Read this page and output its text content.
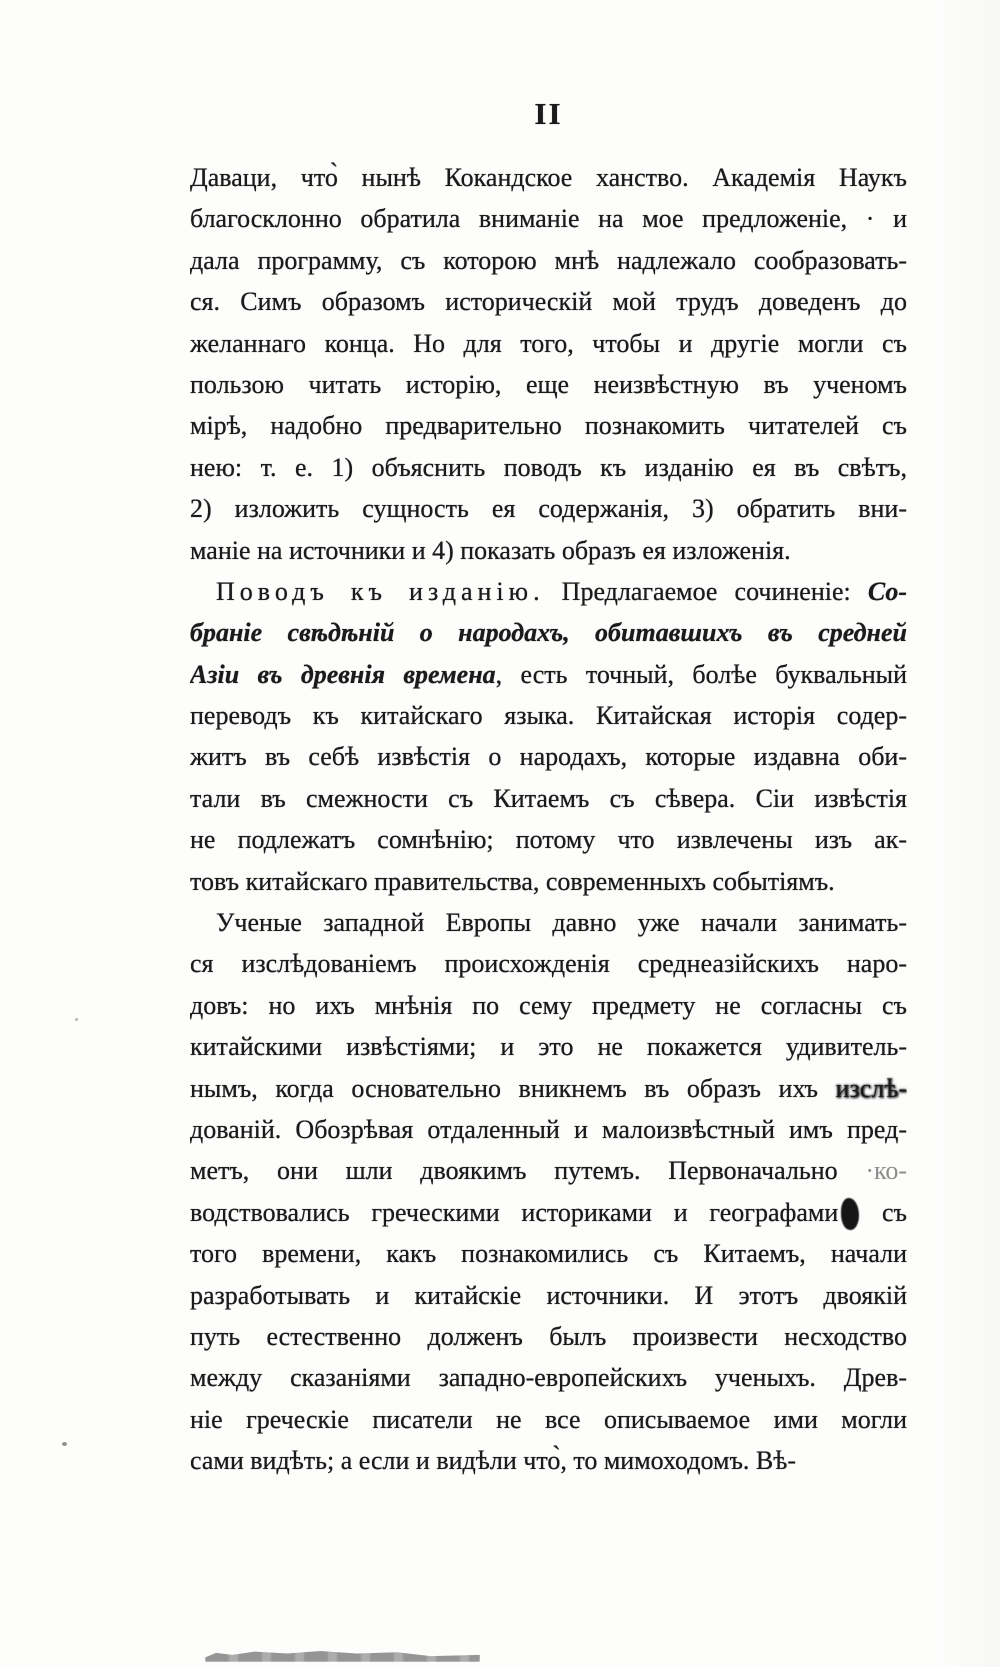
II
Даваци, что̀ нынѣ Кокандское ханство. Академія Наукъ
благосклонно обратила вниманіе на мое предложеніе, · и
дала программу, съ которою мнѣ надлежало сообразовать-
ся. Симъ образомъ историческій мой трудъ доведенъ до
желаннаго конца. Но для того, чтобы и другіе могли съ
пользою читать исторію, еще неизвѣстную въ ученомъ
мірѣ, надобно предварительно познакомить читателей съ
нею: т. е. 1) объяснить поводъ къ изданію ея въ свѣтъ,
2) изложить сущность ея содержанія, 3) обратить вни-
маніе на источники и 4) показать образъ ея изложенія.
Поводъ къ изданію. Предлагаемое сочиненіе: Со-
браніе свѣдѣній о народахъ, обитавшихъ въ средней
Азіи въ древнія времена, есть точный, болѣе буквальный
переводъ къ китайскаго языка. Китайская исторія содер-
житъ въ себѣ извѣстія о народахъ, которые издавна оби-
тали въ смежности съ Китаемъ съ сѣвера. Сіи извѣстія
не подлежатъ сомнѣнію; потому что извлечены изъ ак-
товъ китайскаго правительства, современныхъ событіямъ.
Ученые западной Европы давно уже начали занимать-
ся изслѣдованіемъ происхожденія среднеазійскихъ наро-
довъ: но ихъ мнѣнія по сему предмету не согласны съ
китайскими извѣстіями; и это не покажется удивитель-
нымъ, когда основательно вникнемъ въ образъ ихъ изслѣ-
дованій. Обозрѣвая отдаленный и малоизвѣстный имъ пред-
метъ, они шли двоякимъ путемъ. Первоначально ·ко-
водствовались греческими историками и географами съ
того времени, какъ познакомились съ Китаемъ, начали
разработывать и китайскіе источники. И этотъ двоякій
путь естественно долженъ былъ произвести несходство
между сказаніями западно-европейскихъ ученыхъ. Древ-
ніе греческіе писатели не все описываемое ими могли
сами видѣть; а если и видѣли что̀, то мимоходомъ. Вѣ-
